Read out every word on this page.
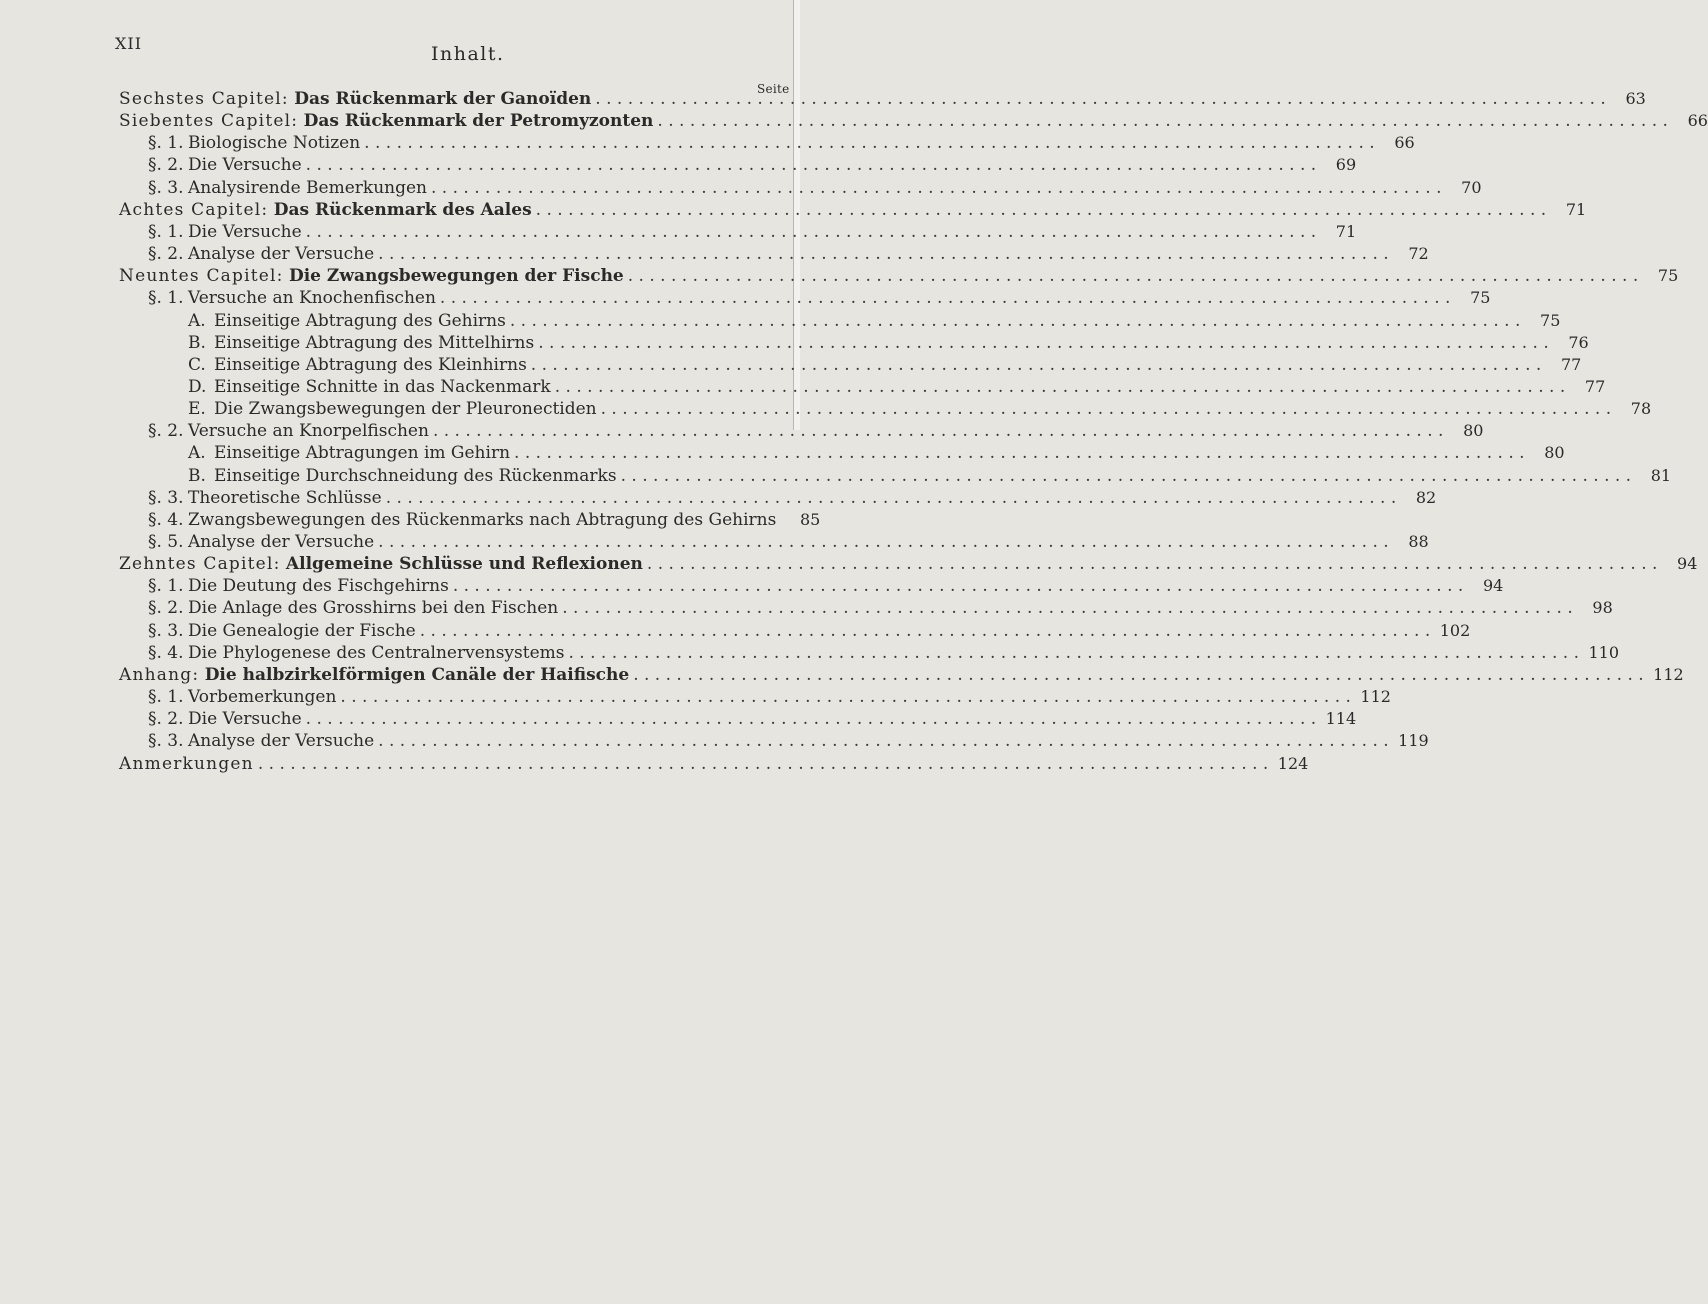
XII	Inhalt.
Seite
Sechstes Capitel: Das Rückenmark der Ganoïden . . .	63
Siebentes Capitel: Das Rückenmark der Petromyzonten . . .	66
§. 1. Biologische Notizen . . .	66
§. 2. Die Versuche . . .	69
§. 3. Analysirende Bemerkungen . . .	70
Achtes Capitel: Das Rückenmark des Aales . . .	71
§. 1. Die Versuche . . .	71
§. 2. Analyse der Versuche . . .	72
Neuntes Capitel: Die Zwangsbewegungen der Fische . . .	75
§. 1. Versuche an Knochenfischen . . .	75
A. Einseitige Abtragung des Gehirns . . .	75
B. Einseitige Abtragung des Mittelhirns . . .	76
C. Einseitige Abtragung des Kleinhirns . . .	77
D. Einseitige Schnitte in das Nackenmark . . .	77
E. Die Zwangsbewegungen der Pleuronectiden . . .	78
§. 2. Versuche an Knorpelfischen . . .	80
A. Einseitige Abtragungen im Gehirn . . .	80
B. Einseitige Durchschneidung des Rückenmarks . . .	81
§. 3. Theoretische Schlüsse . . .	82
§. 4. Zwangsbewegungen des Rückenmarks nach Abtragung des Gehirns	85
§. 5. Analyse der Versuche . . .	88
Zehntes Capitel: Allgemeine Schlüsse und Reflexionen . . .	94
§. 1. Die Deutung des Fischgehirns . . .	94
§. 2. Die Anlage des Grosshirns bei den Fischen . . .	98
§. 3. Die Genealogie der Fische . . .	102
§. 4. Die Phylogenese des Centralnervensystems . . .	110
Anhang: Die halbzirkelförmigen Canäle der Haifische . . .	112
§. 1. Vorbemerkungen . . .	112
§. 2. Die Versuche . . .	114
§. 3. Analyse der Versuche . . .	119
Anmerkungen . . .	124
